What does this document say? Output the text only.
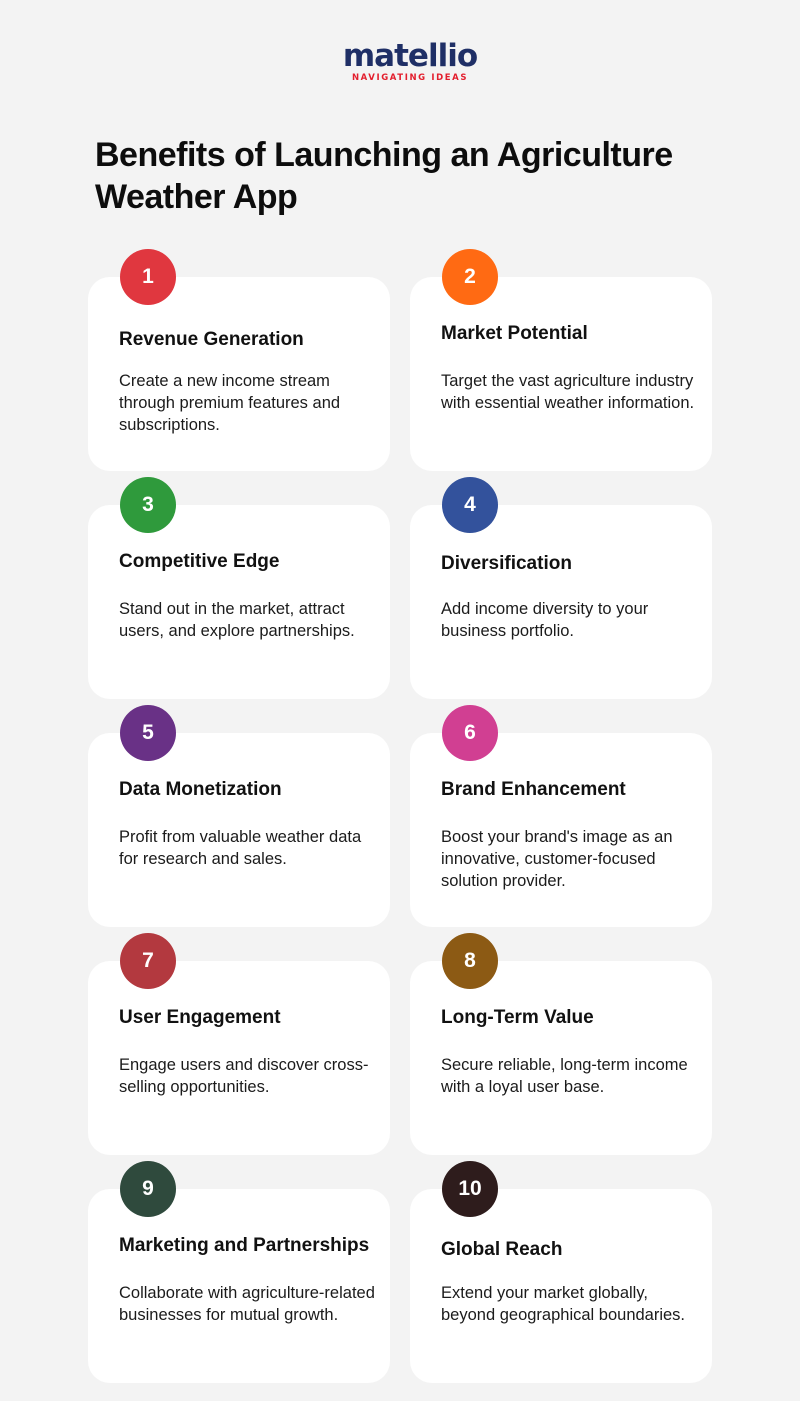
matellio
NAVIGATING IDEAS
Benefits of Launching an Agriculture Weather App
1
Revenue Generation
Create a new income stream through premium features and subscriptions.
2
Market Potential
Target the vast agriculture industry with essential weather information.
3
Competitive Edge
Stand out in the market, attract users, and explore partnerships.
4
Diversification
Add income diversity to your business portfolio.
5
Data Monetization
Profit from valuable weather data for research and sales.
6
Brand Enhancement
Boost your brand's image as an innovative, customer-focused solution provider.
7
User Engagement
Engage users and discover cross-selling opportunities.
8
Long-Term Value
Secure reliable, long-term income with a loyal user base.
9
Marketing and Partnerships
Collaborate with agriculture-related businesses for mutual growth.
10
Global Reach
Extend your market globally, beyond geographical boundaries.
